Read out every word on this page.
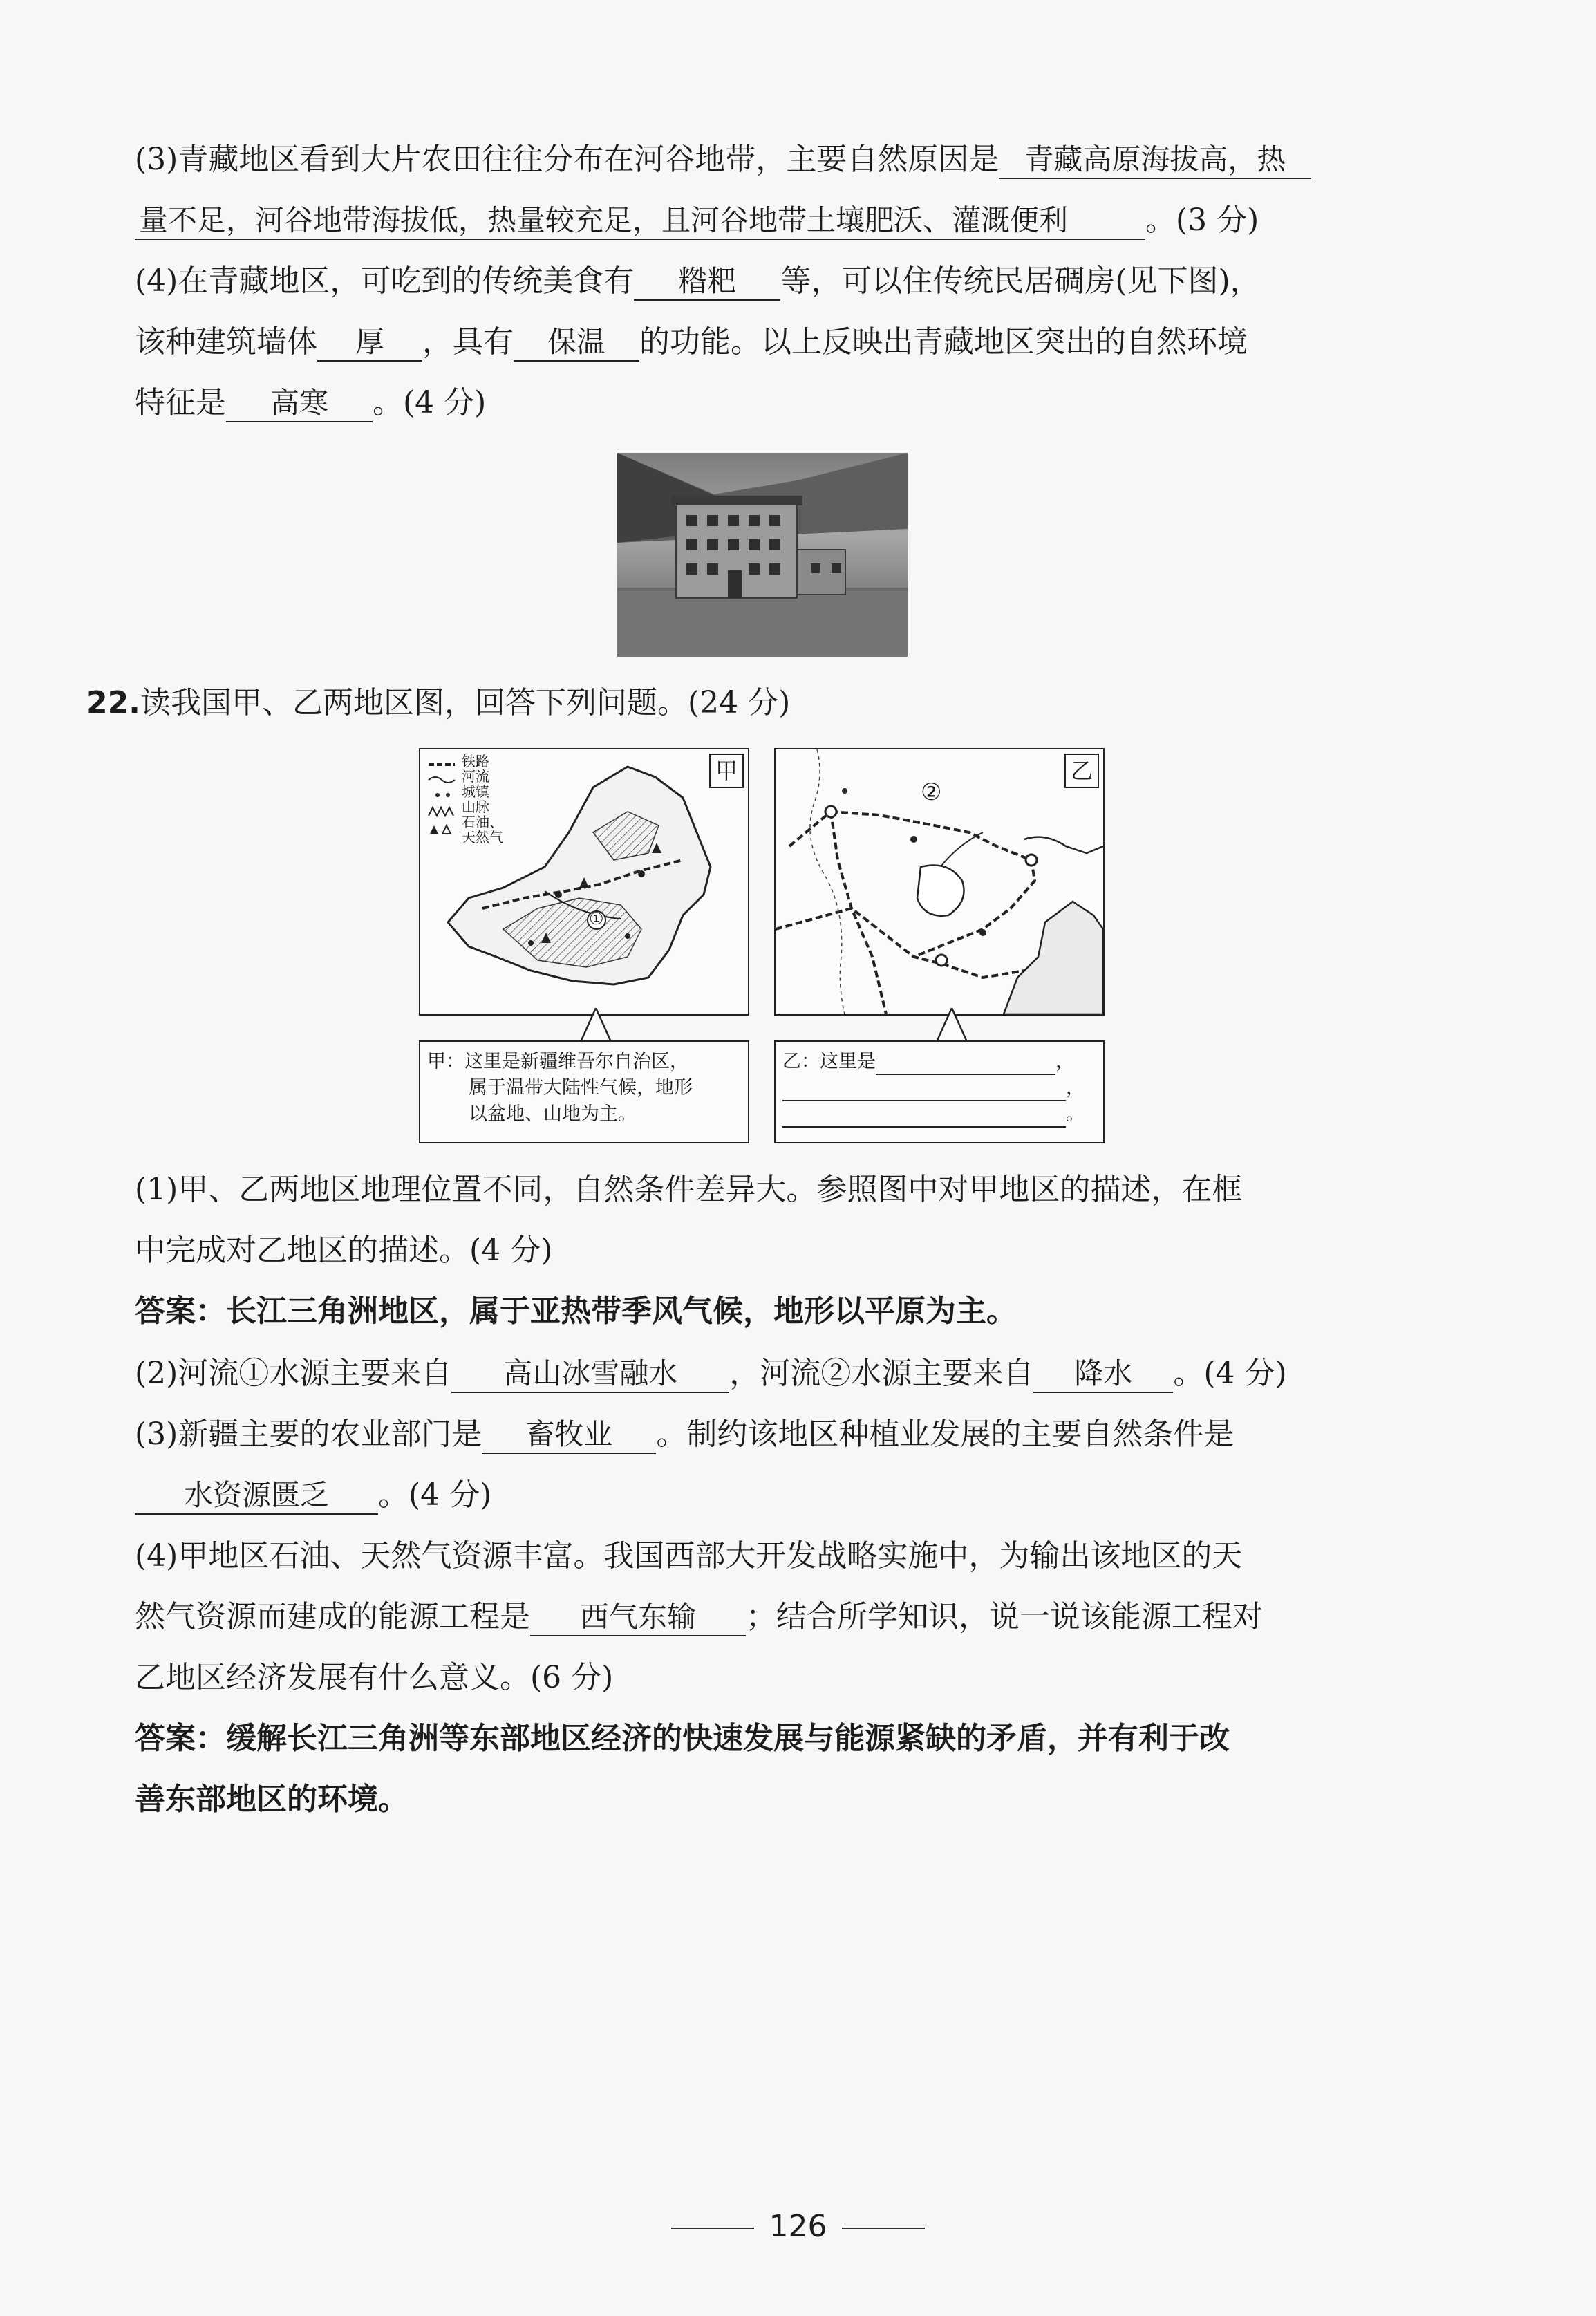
(3)青藏地区看到大片农田往往分布在河谷地带，主要自然原因是 青藏高原海拔高，热
量不足，河谷地带海拔低，热量较充足，且河谷地带土壤肥沃、灌溉便利	。(3 分)
(4)在青藏地区，可吃到的传统美食有 糌粑 等，可以住传统民居碉房(见下图)，
该种建筑墙体 厚 ，具有 保温 的功能。以上反映出青藏地区突出的自然环境
特征是 高寒 。(4 分)
22.读我国甲、乙两地区图，回答下列问题。(24 分)
甲
铁路
河流
城镇
山脉
石油、
天然气
①
乙
②
甲：这里是新疆维吾尔自治区，
属于温带大陆性气候，地形
以盆地、山地为主。
乙：这里是	，
，
。
(1)甲、乙两地区地理位置不同，自然条件差异大。参照图中对甲地区的描述，在框
中完成对乙地区的描述。(4 分)
答案：长江三角洲地区，属于亚热带季风气候，地形以平原为主。
(2)河流①水源主要来自 高山冰雪融水 ，河流②水源主要来自 降水 。(4 分)
(3)新疆主要的农业部门是 畜牧业 。制约该地区种植业发展的主要自然条件是
水资源匮乏 。(4 分)
(4)甲地区石油、天然气资源丰富。我国西部大开发战略实施中，为输出该地区的天
然气资源而建成的能源工程是 西气东输 ；结合所学知识，说一说该能源工程对
乙地区经济发展有什么意义。(6 分)
答案：缓解长江三角洲等东部地区经济的快速发展与能源紧缺的矛盾，并有利于改
善东部地区的环境。
126
